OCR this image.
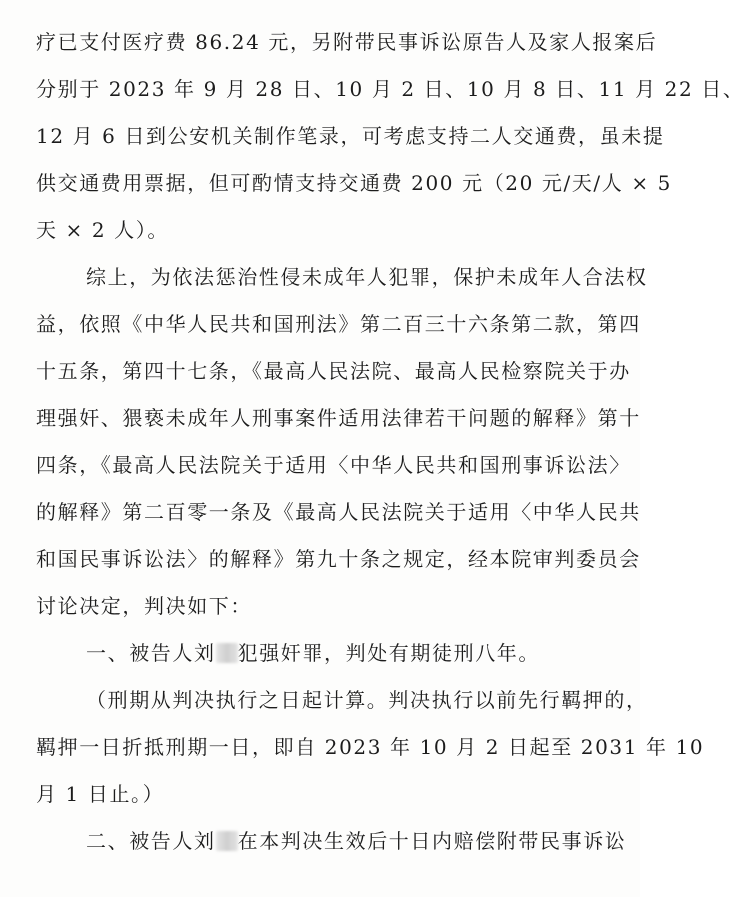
疗已支付医疗费 86.24 元，另附带民事诉讼原告人及家人报案后
分别于 2023 年 9 月 28 日、10 月 2 日、10 月 8 日、11 月 22 日、
12 月 6 日到公安机关制作笔录，可考虑支持二人交通费，虽未提
供交通费用票据，但可酌情支持交通费 200 元（20 元/天/人 × 5
天 × 2 人）。
综上，为依法惩治性侵未成年人犯罪，保护未成年人合法权
益，依照《中华人民共和国刑法》第二百三十六条第二款，第四
十五条，第四十七条，《最高人民法院、最高人民检察院关于办
理强奸、猥亵未成年人刑事案件适用法律若干问题的解释》第十
四条，《最高人民法院关于适用〈中华人民共和国刑事诉讼法〉
的解释》第二百零一条及《最高人民法院关于适用〈中华人民共
和国民事诉讼法〉的解释》第九十条之规定，经本院审判委员会
讨论决定，判决如下：
一、被告人刘 犯强奸罪，判处有期徒刑八年。
（刑期从判决执行之日起计算。判决执行以前先行羁押的，
羁押一日折抵刑期一日，即自 2023 年 10 月 2 日起至 2031 年 10
月 1 日止。）
二、被告人刘 在本判决生效后十日内赔偿附带民事诉讼
